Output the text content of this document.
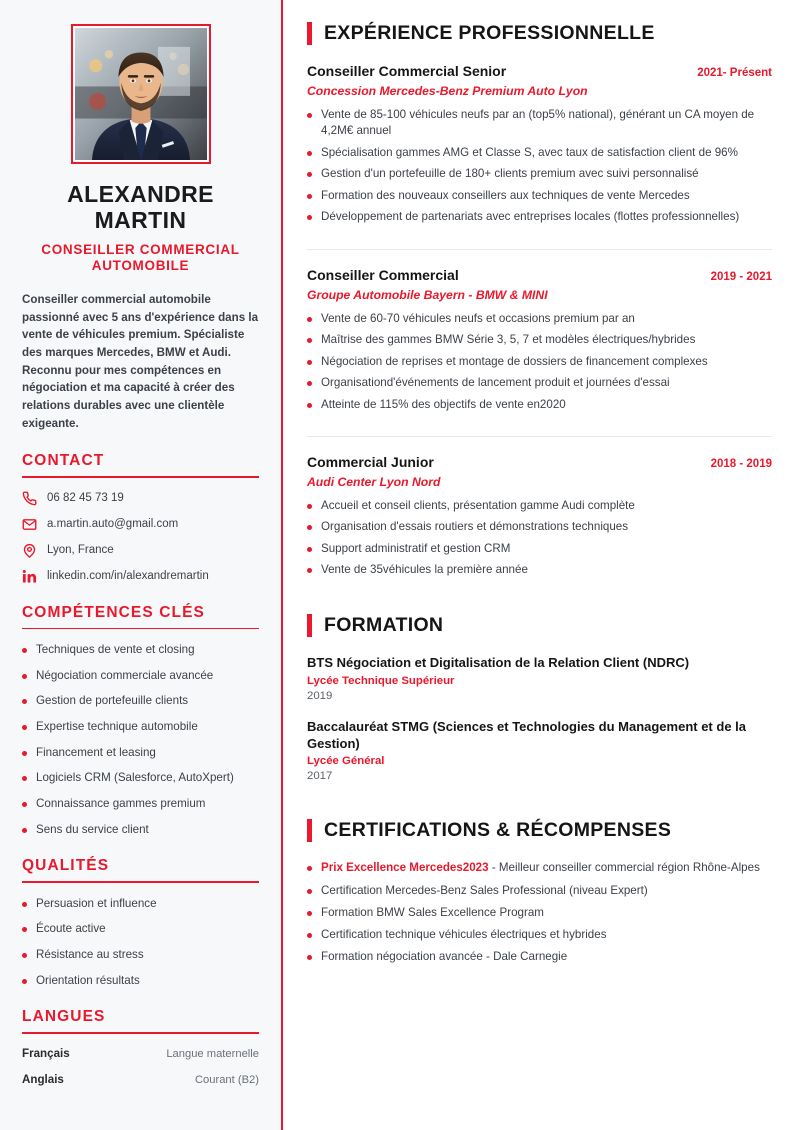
ALEXANDRE
MARTIN
CONSEILLER COMMERCIAL AUTOMOBILE
Conseiller commercial automobile passionné avec 5 ans d'expérience dans la vente de véhicules premium. Spécialiste des marques Mercedes, BMW et Audi. Reconnu pour mes compétences en négociation et ma capacité à créer des relations durables avec une clientèle exigeante.
CONTACT
06 82 45 73 19
a.martin.auto@gmail.com
Lyon, France
linkedin.com/in/alexandremartin
COMPÉTENCES CLÉS
Techniques de vente et closing
Négociation commerciale avancée
Gestion de portefeuille clients
Expertise technique automobile
Financement et leasing
Logiciels CRM (Salesforce, AutoXpert)
Connaissance gammes premium
Sens du service client
QUALITÉS
Persuasion et influence
Écoute active
Résistance au stress
Orientation résultats
LANGUES
Français	Langue maternelle
Anglais	Courant (B2)
EXPÉRIENCE PROFESSIONNELLE
Conseiller Commercial Senior	2021- Présent
Concession Mercedes-Benz Premium Auto Lyon
Vente de 85-100 véhicules neufs par an (top5% national), générant un CA moyen de 4,2M€ annuel
Spécialisation gammes AMG et Classe S, avec taux de satisfaction client de 96%
Gestion d'un portefeuille de 180+ clients premium avec suivi personnalisé
Formation des nouveaux conseillers aux techniques de vente Mercedes
Développement de partenariats avec entreprises locales (flottes professionnelles)
Conseiller Commercial	2019 - 2021
Groupe Automobile Bayern - BMW & MINI
Vente de 60-70 véhicules neufs et occasions premium par an
Maîtrise des gammes BMW Série 3, 5, 7 et modèles électriques/hybrides
Négociation de reprises et montage de dossiers de financement complexes
Organisationd'événements de lancement produit et journées d'essai
Atteinte de 115% des objectifs de vente en2020
Commercial Junior	2018 - 2019
Audi Center Lyon Nord
Accueil et conseil clients, présentation gamme Audi complète
Organisation d'essais routiers et démonstrations techniques
Support administratif et gestion CRM
Vente de 35véhicules la première année
FORMATION
BTS Négociation et Digitalisation de la Relation Client (NDRC)
Lycée Technique Supérieur
2019
Baccalauréat STMG (Sciences et Technologies du Management et de la Gestion)
Lycée Général
2017
CERTIFICATIONS & RÉCOMPENSES
Prix Excellence Mercedes2023 - Meilleur conseiller commercial région Rhône-Alpes
Certification Mercedes-Benz Sales Professional (niveau Expert)
Formation BMW Sales Excellence Program
Certification technique véhicules électriques et hybrides
Formation négociation avancée - Dale Carnegie
